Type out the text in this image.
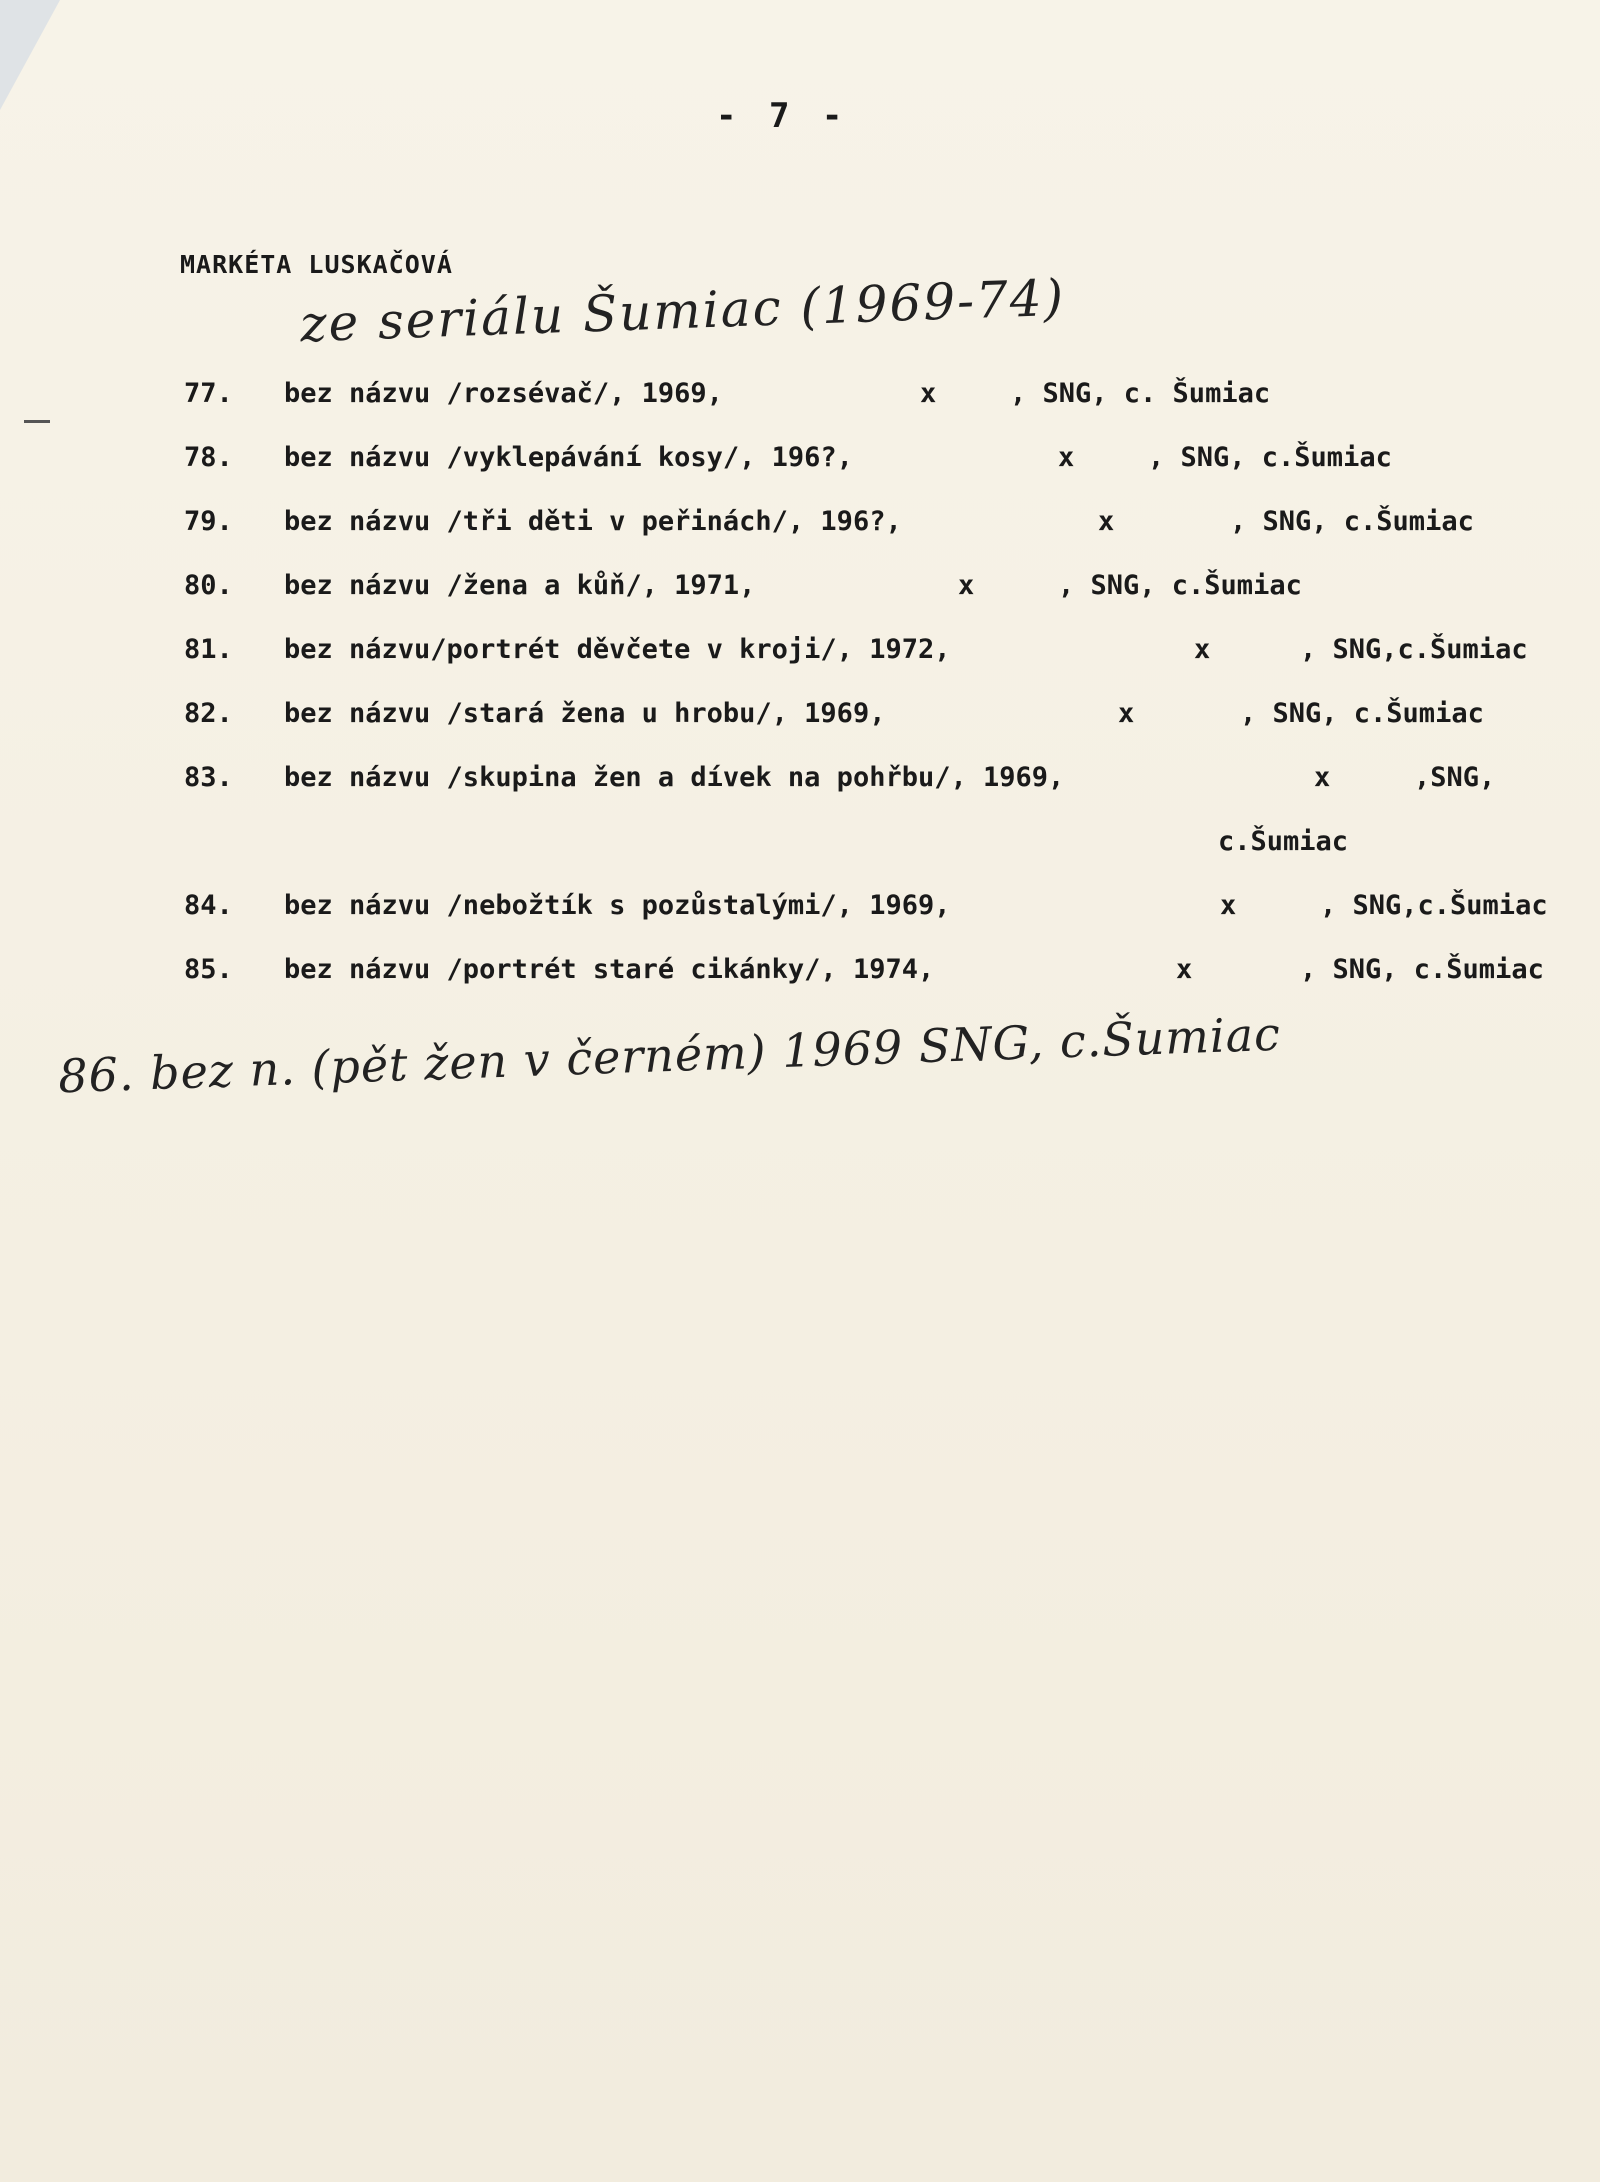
- 7 -
MARKÉTA LUSKAČOVÁ
ze seriálu Šumiac (1969-74)
77. bez názvu /rozsévač/, 1969,	x	, SNG, c. Šumiac
78. bez názvu /vyklepávání kosy/, 196?,	x	, SNG, c.Šumiac
79. bez názvu /tři děti v peřinách/, 196?,	x	, SNG, c.Šumiac
80. bez názvu /žena a kůň/, 1971,	x	, SNG, c.Šumiac
81. bez názvu/portrét děvčete v kroji/, 1972,	x	, SNG,c.Šumiac
82. bez názvu /stará žena u hrobu/, 1969,	x	, SNG, c.Šumiac
83. bez názvu /skupina žen a dívek na pohřbu/, 1969,	x	,SNG,
c.Šumiac
84. bez názvu /nebožtík s pozůstalými/, 1969,	x	, SNG,c.Šumiac
85. bez názvu /portrét staré cikánky/, 1974,	x	, SNG, c.Šumiac
86. bez n. (pět žen v černém) 1969 SNG, c.Šumiac
